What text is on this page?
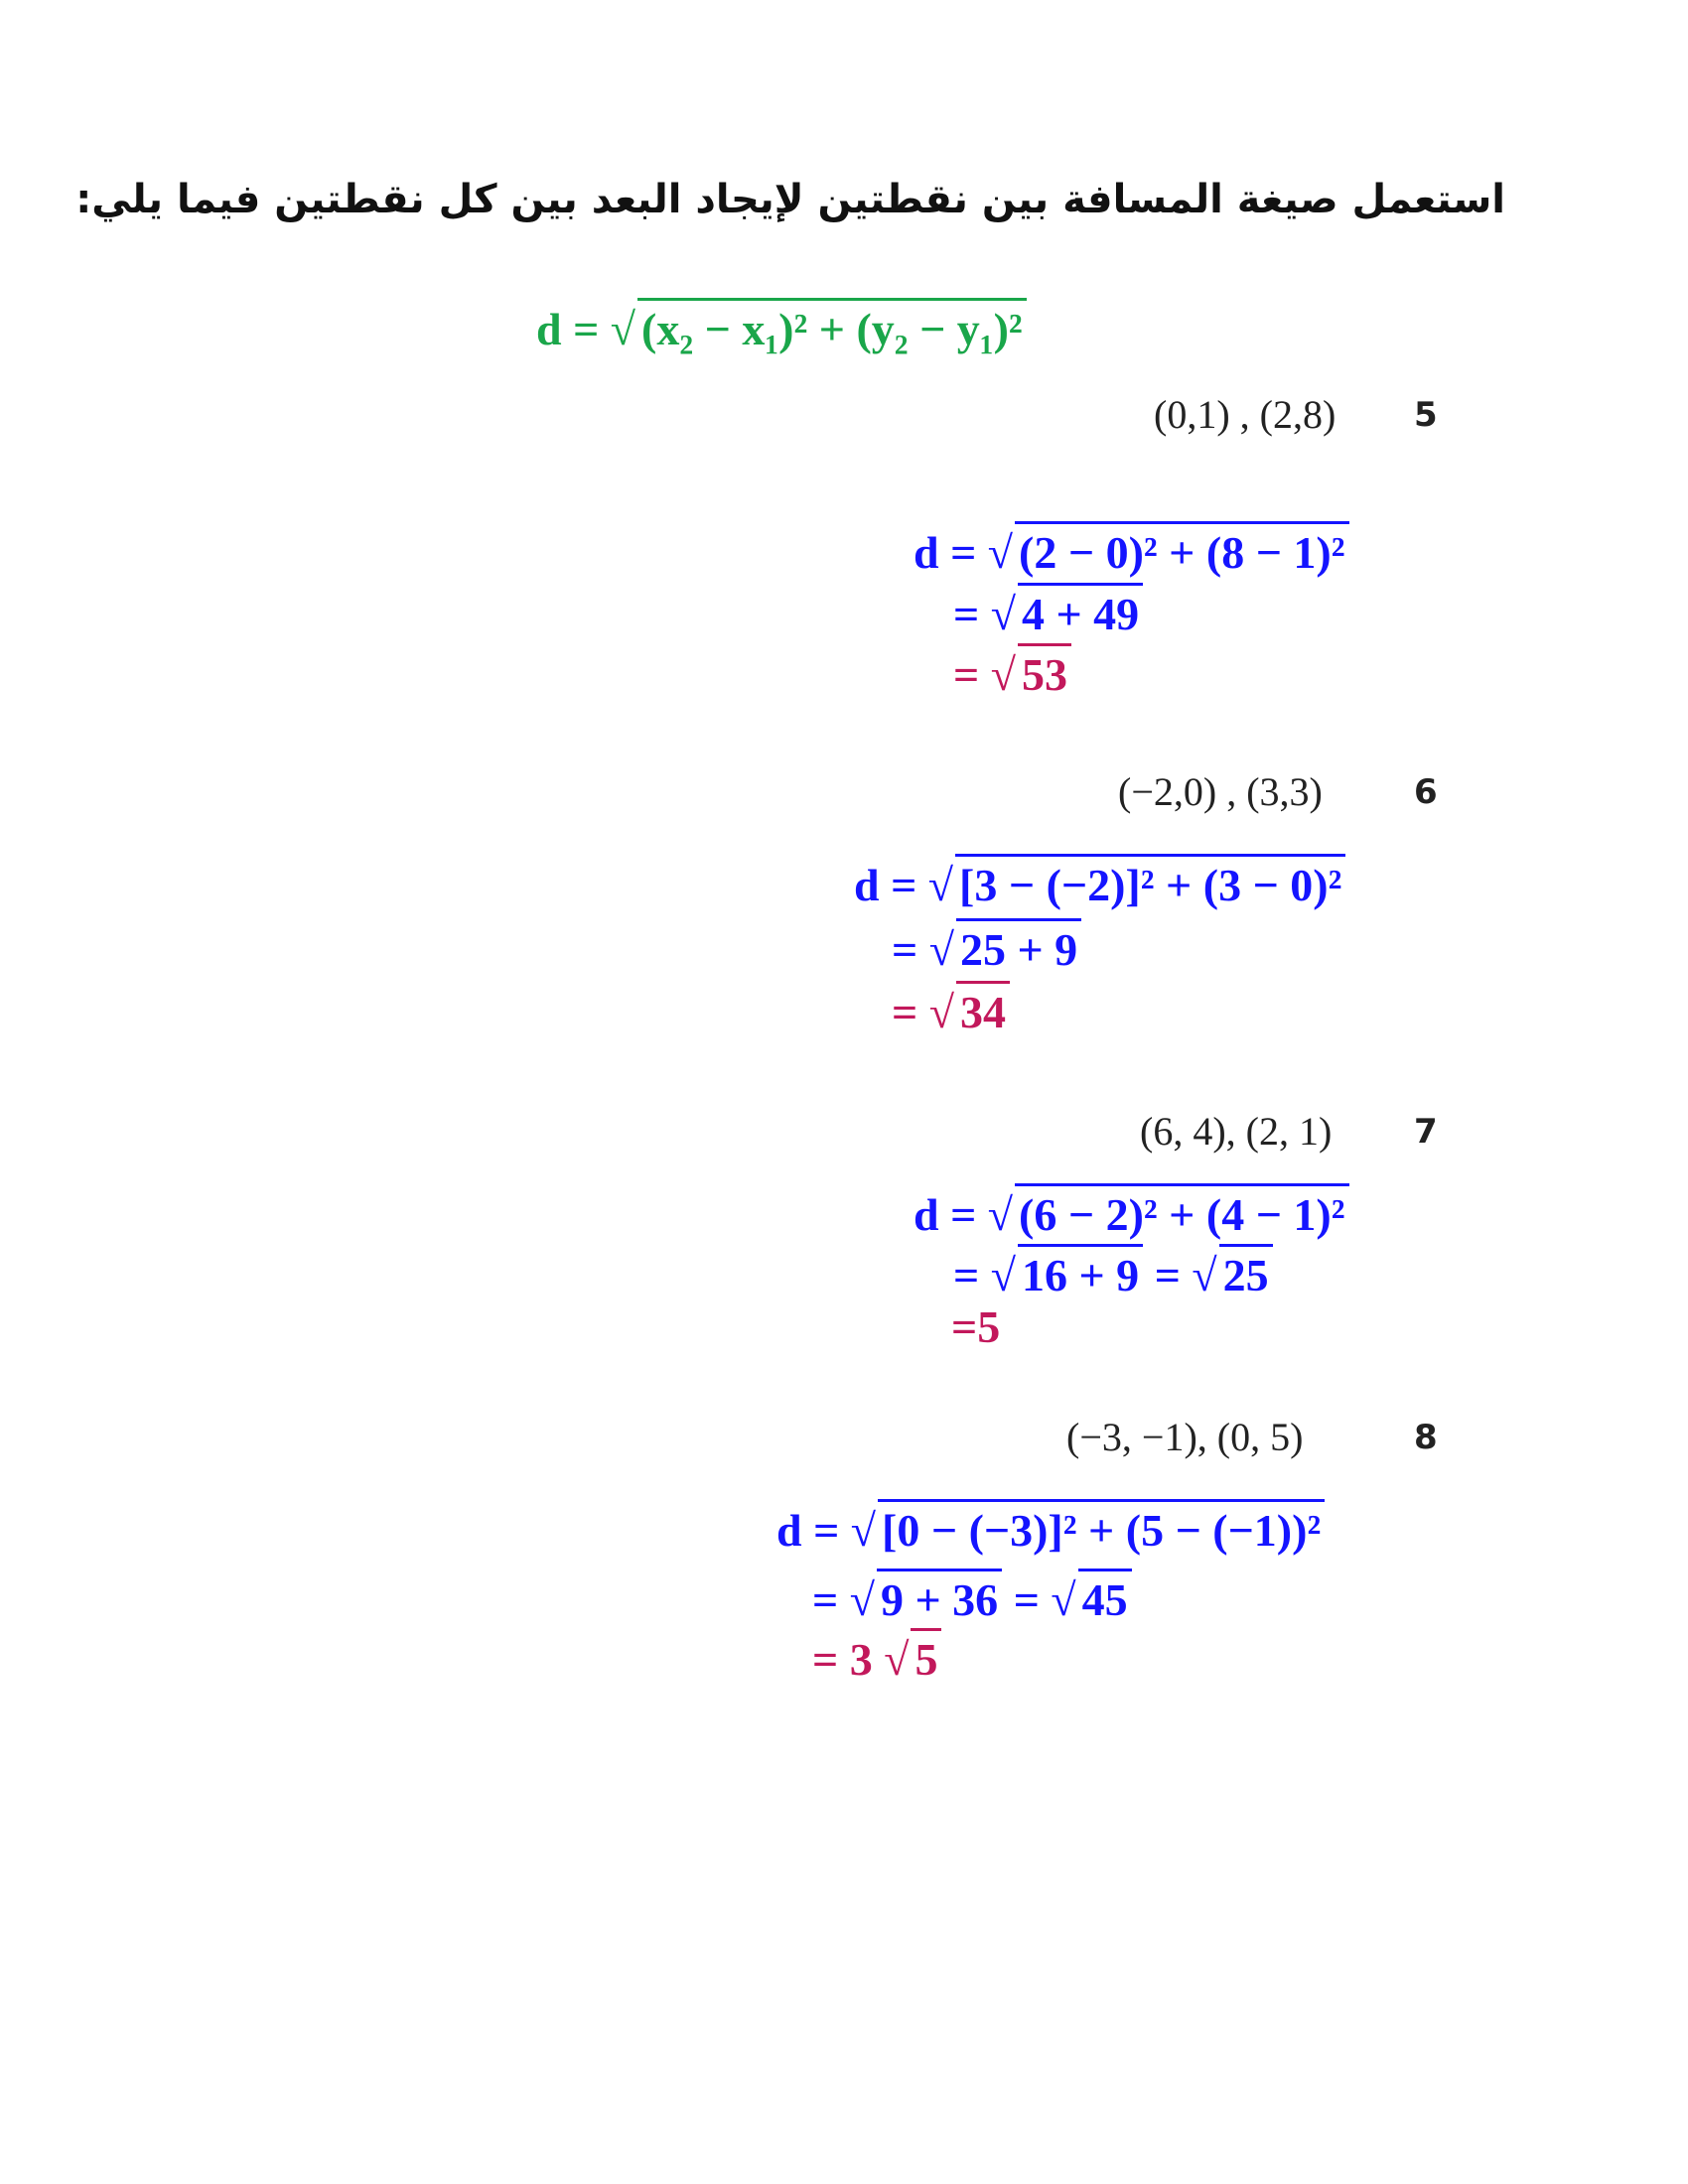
استعمل صيغة المسافة بين نقطتين لإيجاد البعد بين كل نقطتين فيما يلي:
d = √ (x₂ − x₁)² + (y₂ − y₁)²
5
(0,1) , (2,8)
d = √ (2 − 0)² + (8 − 1)²
= √ 4 + 49
= √ 53
6
(−2,0) , (3,3)
d = √ [3 − (−2)]² + (3 − 0)²
= √ 25 + 9
= √ 34
7
(6, 4), (2, 1)
d = √ (6 − 2)² + (4 − 1)²
= √ 16 + 9 = √ 25
=5
8
(−3, −1), (0, 5)
d = √ [0 − (−3)]² + (5 − (−1))²
= √ 9 + 36 = √ 45
= 3 √ 5
